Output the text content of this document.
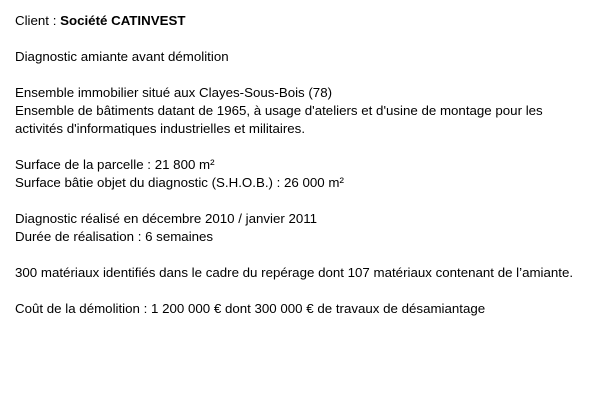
Client : Société CATINVEST

Diagnostic amiante avant démolition

Ensemble immobilier situé aux Clayes-Sous-Bois (78)

Ensemble de bâtiments datant de 1965, à usage d'ateliers et d'usine de montage pour les activités d'informatiques industrielles et militaires.

Surface de la parcelle : 21 800 m²

Surface bâtie objet du diagnostic (S.H.O.B.) : 26 000 m²

Diagnostic réalisé en décembre 2010 / janvier 2011

Durée de réalisation : 6 semaines

300 matériaux identifiés dans le cadre du repérage dont 107 matériaux contenant de l’amiante.

Coût de la démolition : 1 200 000 € dont 300 000 € de travaux de désamiantage
